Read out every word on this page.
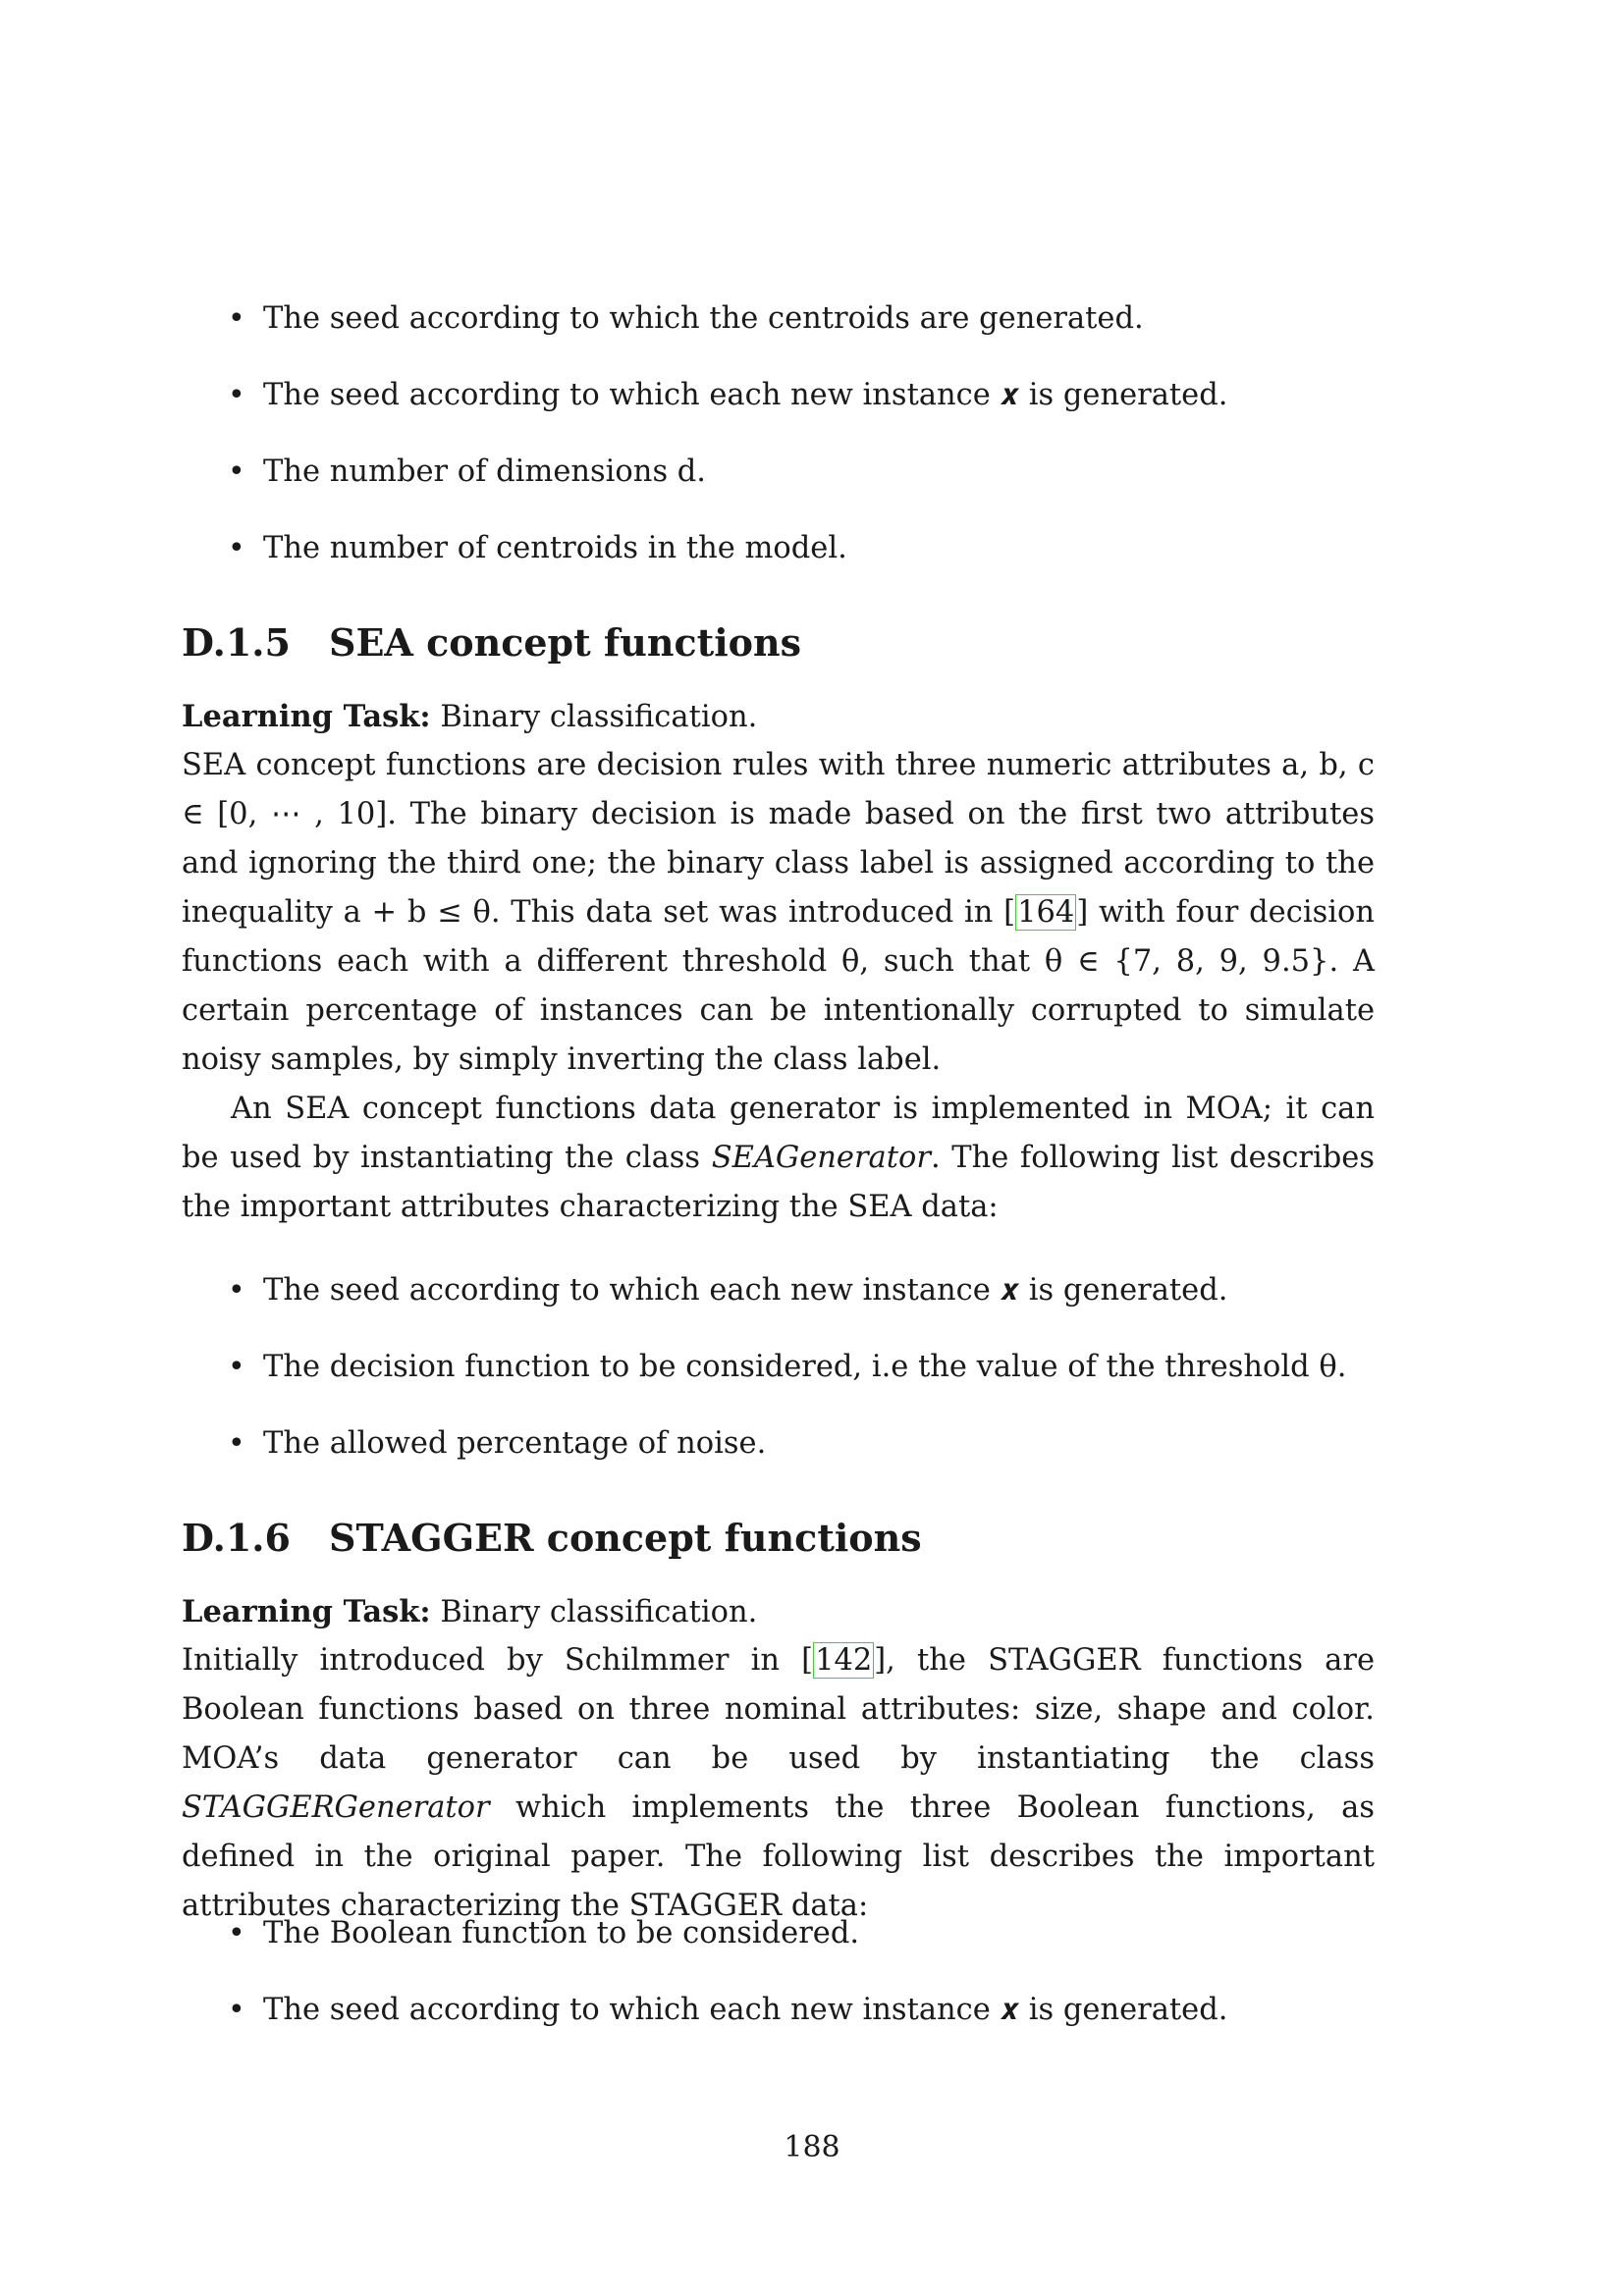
• The seed according to which the centroids are generated.
• The seed according to which each new instance 𝒙 is generated.
• The number of dimensions d.
• The number of centroids in the model.
D.1.5 SEA concept functions
Learning Task: Binary classification.

SEA concept functions are decision rules with three numeric attributes a, b, c ∈ [0, ⋯ , 10]. The binary decision is made based on the first two attributes and ignoring the third one; the binary class label is assigned according to the inequality a + b ≤ θ. This data set was introduced in [164] with four decision functions each with a different threshold θ, such that θ ∈ {7, 8, 9, 9.5}. A certain percentage of instances can be intentionally corrupted to simulate noisy samples, by simply inverting the class label.

An SEA concept functions data generator is implemented in MOA; it can be used by instantiating the class SEAGenerator. The following list describes the important attributes characterizing the SEA data:

• The seed according to which each new instance 𝒙 is generated.
• The decision function to be considered, i.e the value of the threshold θ.
• The allowed percentage of noise.
D.1.6 STAGGER concept functions
Learning Task: Binary classification.

Initially introduced by Schilmmer in [142], the STAGGER functions are Boolean functions based on three nominal attributes: size, shape and color. MOA’s data generator can be used by instantiating the class STAGGERGenerator which implements the three Boolean functions, as defined in the original paper. The following list describes the important attributes characterizing the STAGGER data:

• The Boolean function to be considered.
• The seed according to which each new instance 𝒙 is generated.
188
